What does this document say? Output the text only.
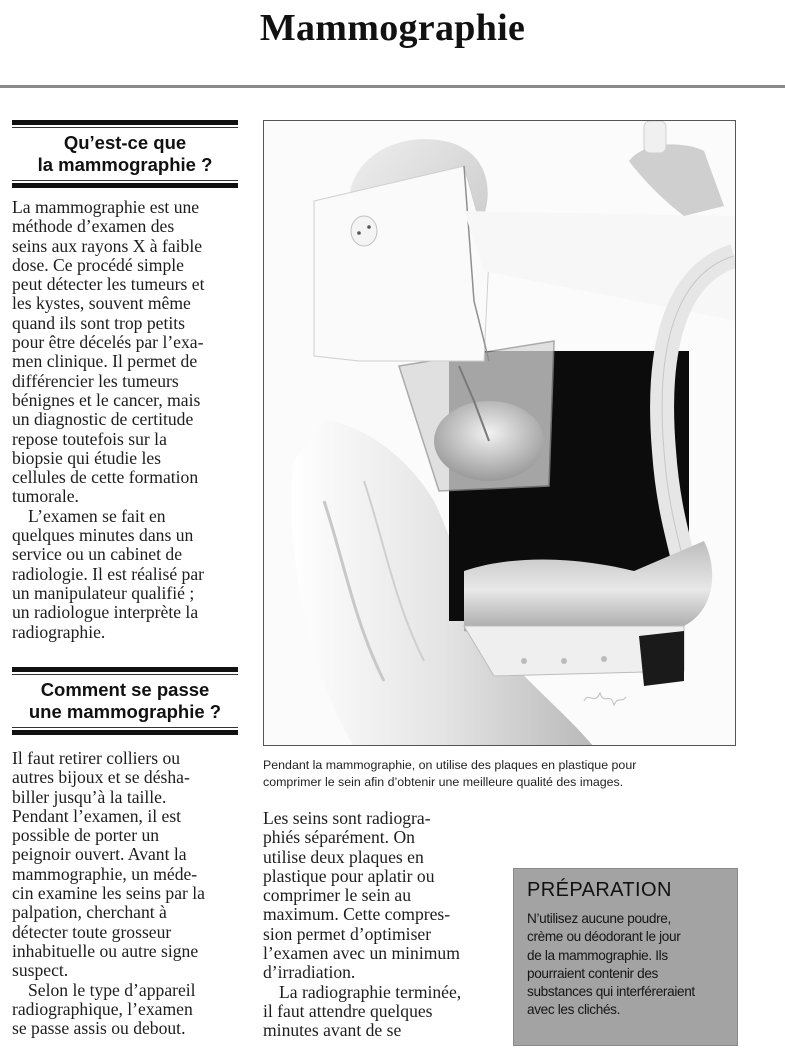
Mammographie
Qu’est-ce que
la mammographie ?

La mammographie est une
méthode d’examen des
seins aux rayons X à faible
dose. Ce procédé simple
peut détecter les tumeurs et
les kystes, souvent même
quand ils sont trop petits
pour être décelés par l’exa-
men clinique. Il permet de
différencier les tumeurs
bénignes et le cancer, mais
un diagnostic de certitude
repose toutefois sur la
biopsie qui étudie les
cellules de cette formation
tumorale.

L’examen se fait en
quelques minutes dans un
service ou un cabinet de
radiologie. Il est réalisé par
un manipulateur qualifié ;
un radiologue interprète la
radiographie.

Comment se passe
une mammographie ?

Il faut retirer colliers ou
autres bijoux et se désha-
biller jusqu’à la taille.
Pendant l’examen, il est
possible de porter un
peignoir ouvert. Avant la
mammographie, un méde-
cin examine les seins par la
palpation, cherchant à
détecter toute grosseur
inhabituelle ou autre signe
suspect.

Selon le type d’appareil
radiographique, l’examen
se passe assis ou debout.

Pendant la mammographie, on utilise des plaques en plastique pour
comprimer le sein afin d’obtenir une meilleure qualité des images.

Les seins sont radiogra-
phiés séparément. On
utilise deux plaques en
plastique pour aplatir ou
comprimer le sein au
maximum. Cette compres-
sion permet d’optimiser
l’examen avec un minimum
d’irradiation.

La radiographie terminée,
il faut attendre quelques
minutes avant de se

PRÉPARATION
N’utilisez aucune poudre,
crème ou déodorant le jour
de la mammographie. Ils
pourraient contenir des
substances qui interféreraient
avec les clichés.
